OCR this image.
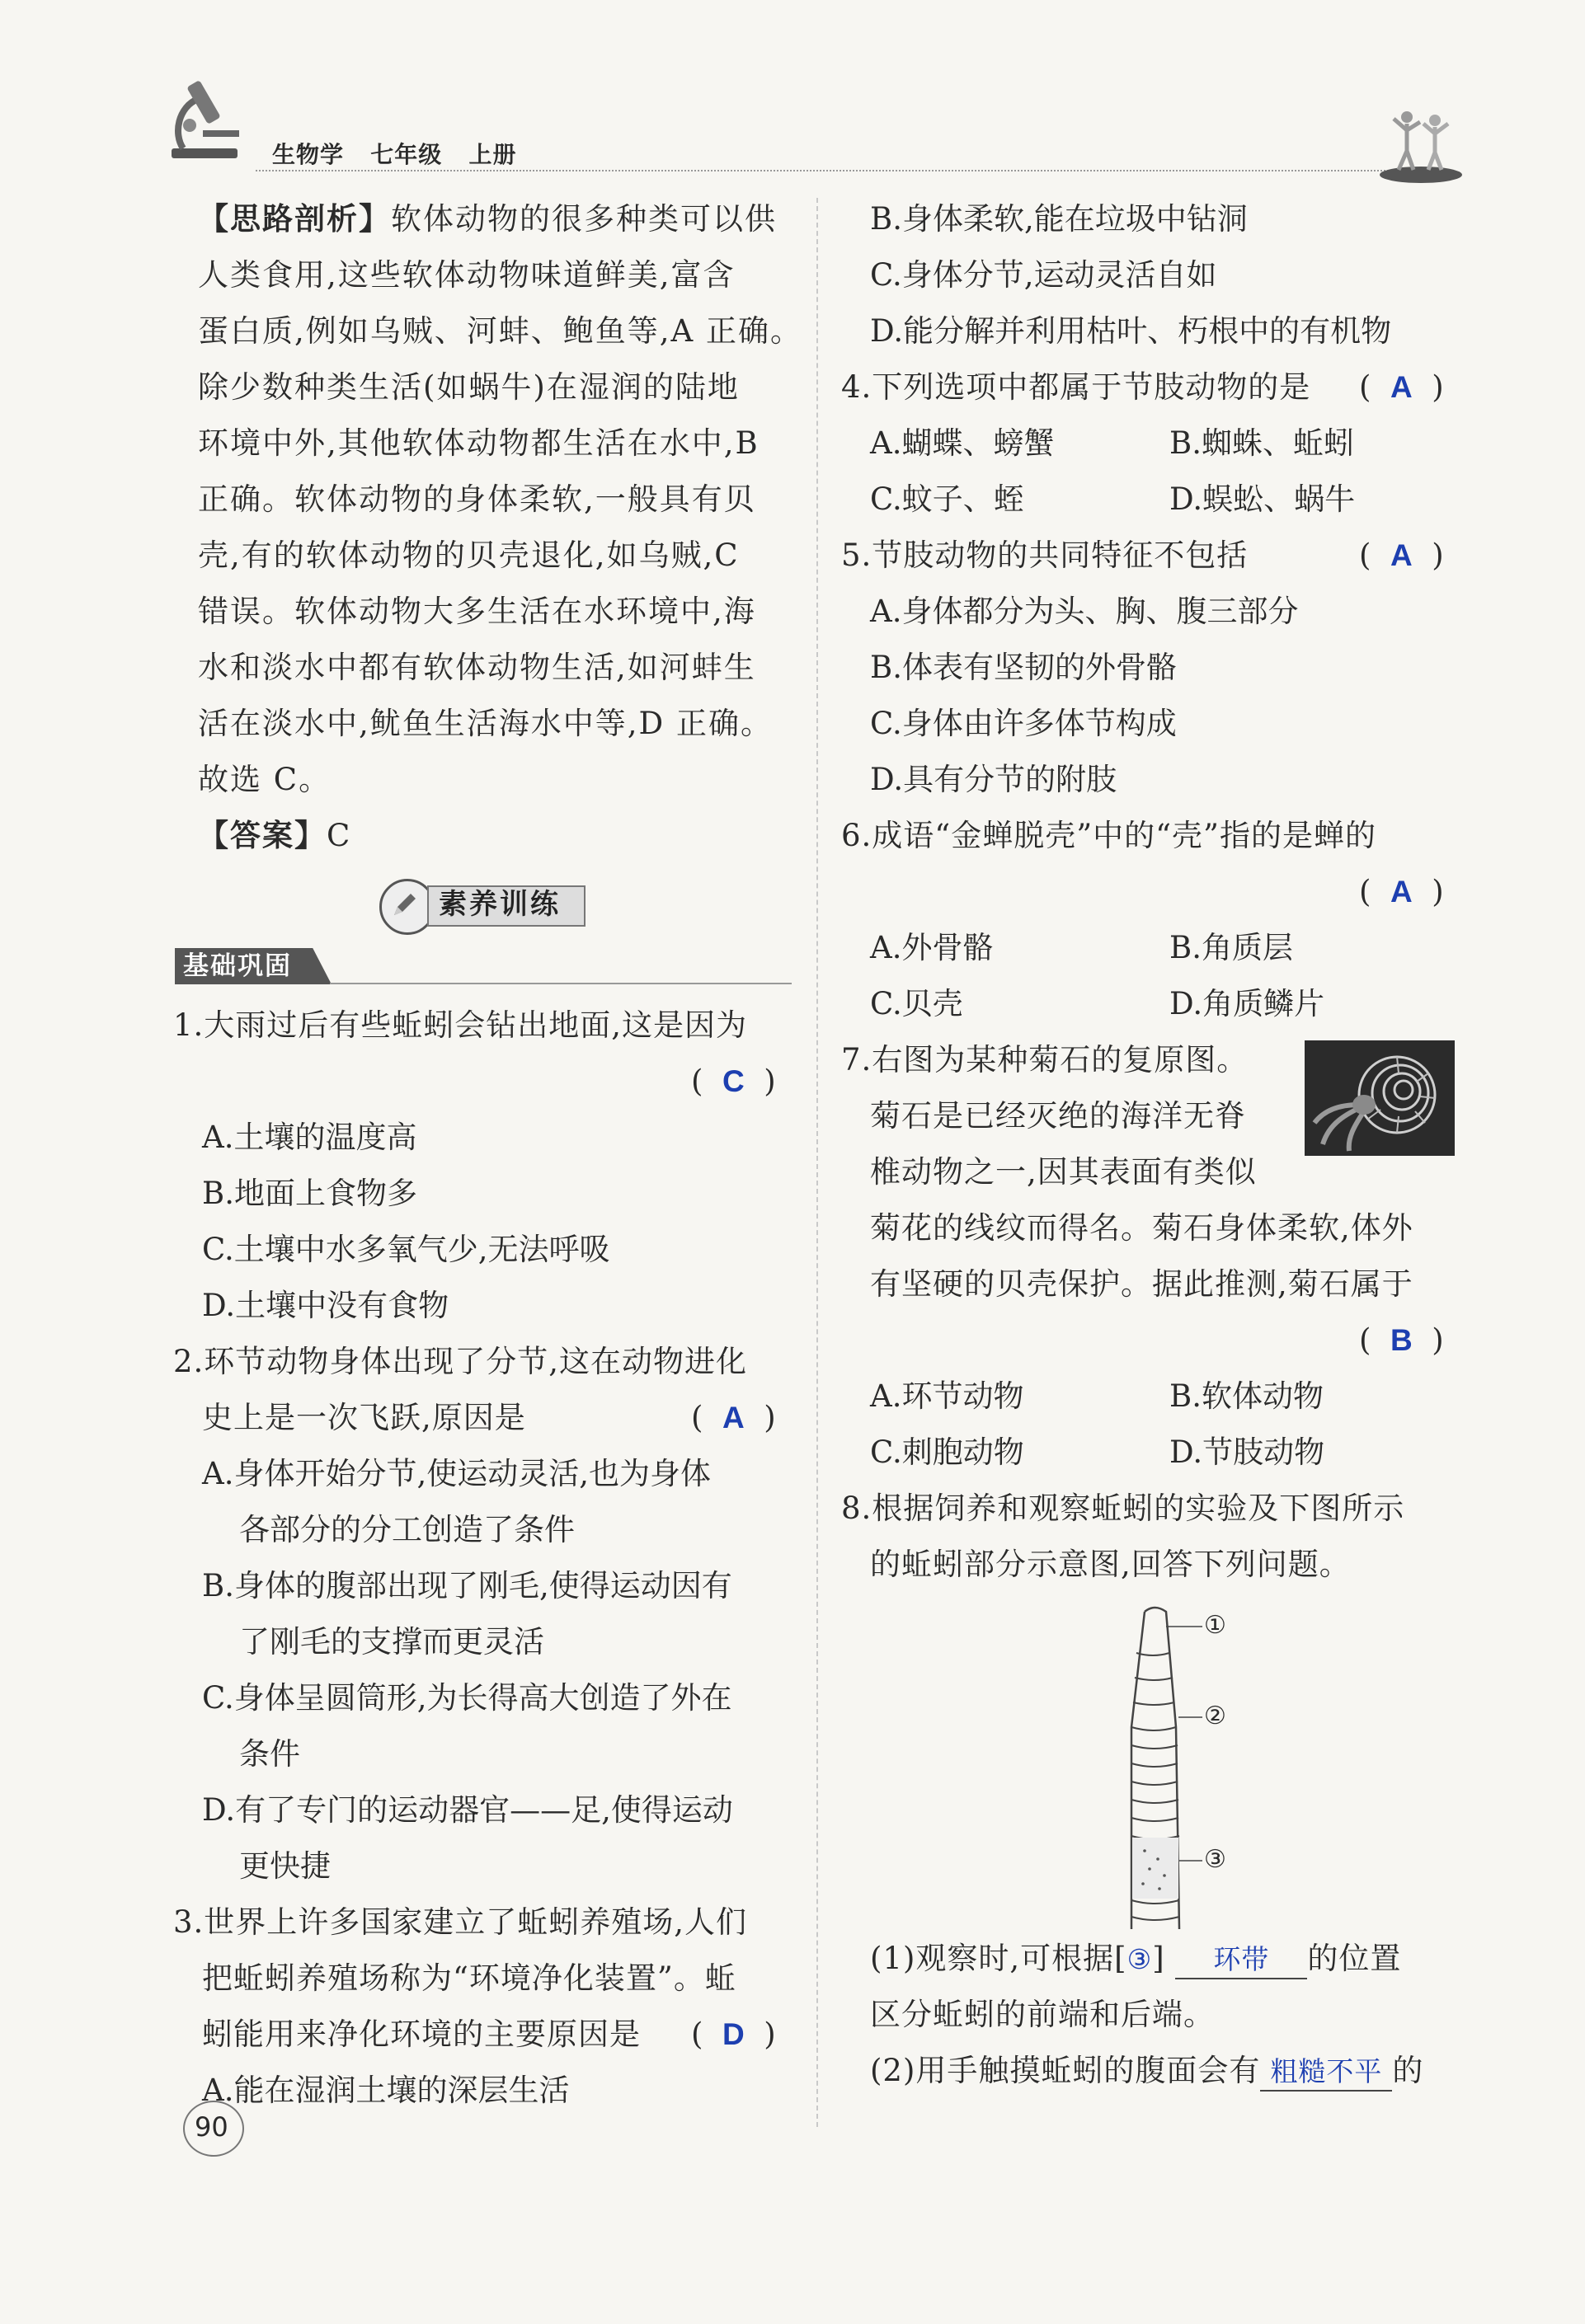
生物学 七年级 上册
【思路剖析】软体动物的很多种类可以供
人类食用,这些软体动物味道鲜美,富含
蛋白质,例如乌贼、河蚌、鲍鱼等,A 正确。
除少数种类生活(如蜗牛)在湿润的陆地
环境中外,其他软体动物都生活在水中,B
正确。软体动物的身体柔软,一般具有贝
壳,有的软体动物的贝壳退化,如乌贼,C
错误。软体动物大多生活在水环境中,海
水和淡水中都有软体动物生活,如河蚌生
活在淡水中,鱿鱼生活海水中等,D 正确。
故选 C。
【答案】C
素养训练
基础巩固
1.大雨过后有些蚯蚓会钻出地面,这是因为
(  C  )
A.土壤的温度高
B.地面上食物多
C.土壤中水多氧气少,无法呼吸
D.土壤中没有食物
2.环节动物身体出现了分节,这在动物进化
史上是一次飞跃,原因是	(  A  )
A.身体开始分节,使运动灵活,也为身体
各部分的分工创造了条件
B.身体的腹部出现了刚毛,使得运动因有
了刚毛的支撑而更灵活
C.身体呈圆筒形,为长得高大创造了外在
条件
D.有了专门的运动器官——足,使得运动
更快捷
3.世界上许多国家建立了蚯蚓养殖场,人们
把蚯蚓养殖场称为“环境净化装置”。蚯
蚓能用来净化环境的主要原因是 (  D  )
A.能在湿润土壤的深层生活
90
B.身体柔软,能在垃圾中钻洞
C.身体分节,运动灵活自如
D.能分解并利用枯叶、朽根中的有机物
4.下列选项中都属于节肢动物的是 (  A  )
A.蝴蝶、螃蟹	B.蜘蛛、蚯蚓
C.蚊子、蛭	D.蜈蚣、蜗牛
5.节肢动物的共同特征不包括	(  A  )
A.身体都分为头、胸、腹三部分
B.体表有坚韧的外骨骼
C.身体由许多体节构成
D.具有分节的附肢
6.成语“金蝉脱壳”中的“壳”指的是蝉的
(  A  )
A.外骨骼	B.角质层
C.贝壳	D.角质鳞片
7.右图为某种菊石的复原图。
菊石是已经灭绝的海洋无脊
椎动物之一,因其表面有类似
菊花的线纹而得名。菊石身体柔软,体外
有坚硬的贝壳保护。据此推测,菊石属于
(  B  )
A.环节动物	B.软体动物
C.刺胞动物	D.节肢动物
8.根据饲养和观察蚯蚓的实验及下图所示
的蚯蚓部分示意图,回答下列问题。
①
②
③
(1)观察时,可根据[③] 环带 的位置
区分蚯蚓的前端和后端。
(2)用手触摸蚯蚓的腹面会有 粗糙不平 的
